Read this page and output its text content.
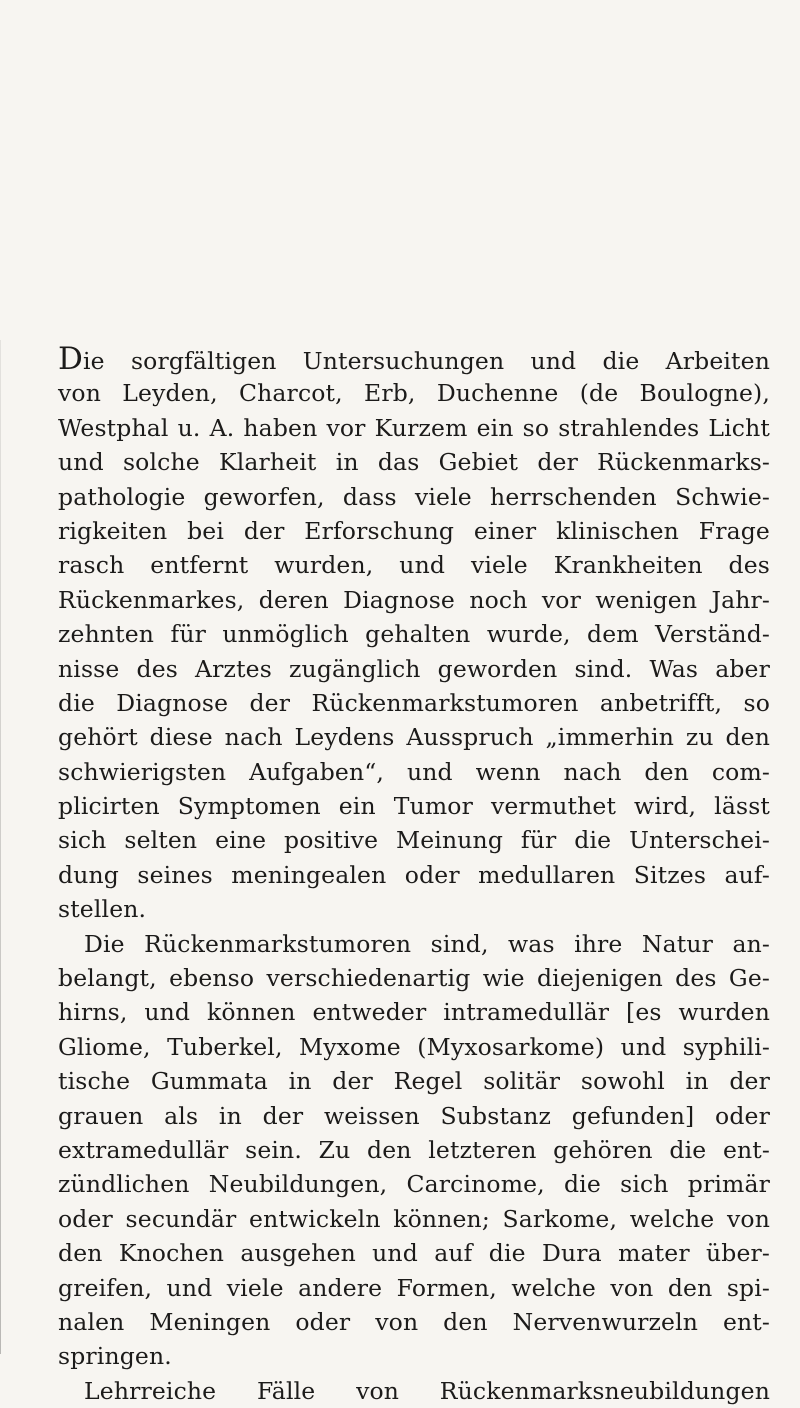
Die sorgfältigen Untersuchungen und die Arbeiten
von Leyden, Charcot, Erb, Duchenne (de Boulogne),
Westphal u. A. haben vor Kurzem ein so strahlendes Licht
und solche Klarheit in das Gebiet der Rückenmarks-
pathologie geworfen, dass viele herrschenden Schwie-
rigkeiten bei der Erforschung einer klinischen Frage
rasch entfernt wurden, und viele Krankheiten des
Rückenmarkes, deren Diagnose noch vor wenigen Jahr-
zehnten für unmöglich gehalten wurde, dem Verständ-
nisse des Arztes zugänglich geworden sind. Was aber
die Diagnose der Rückenmarkstumoren anbetrifft, so
gehört diese nach Leydens Ausspruch „immerhin zu den
schwierigsten Aufgaben“, und wenn nach den com-
plicirten Symptomen ein Tumor vermuthet wird, lässt
sich selten eine positive Meinung für die Unterschei-
dung seines meningealen oder medullaren Sitzes auf-
stellen.
Die Rückenmarkstumoren sind, was ihre Natur an-
belangt, ebenso verschiedenartig wie diejenigen des Ge-
hirns, und können entweder intramedullär [es wurden
Gliome, Tuberkel, Myxome (Myxosarkome) und syphili-
tische Gummata in der Regel solitär sowohl in der
grauen als in der weissen Substanz gefunden] oder
extramedullär sein. Zu den letzteren gehören die ent-
zündlichen Neubildungen, Carcinome, die sich primär
oder secundär entwickeln können; Sarkome, welche von
den Knochen ausgehen und auf die Dura mater über-
greifen, und viele andere Formen, welche von den spi-
nalen Meningen oder von den Nervenwurzeln ent-
springen.
Lehrreiche Fälle von Rückenmarksneubildungen
